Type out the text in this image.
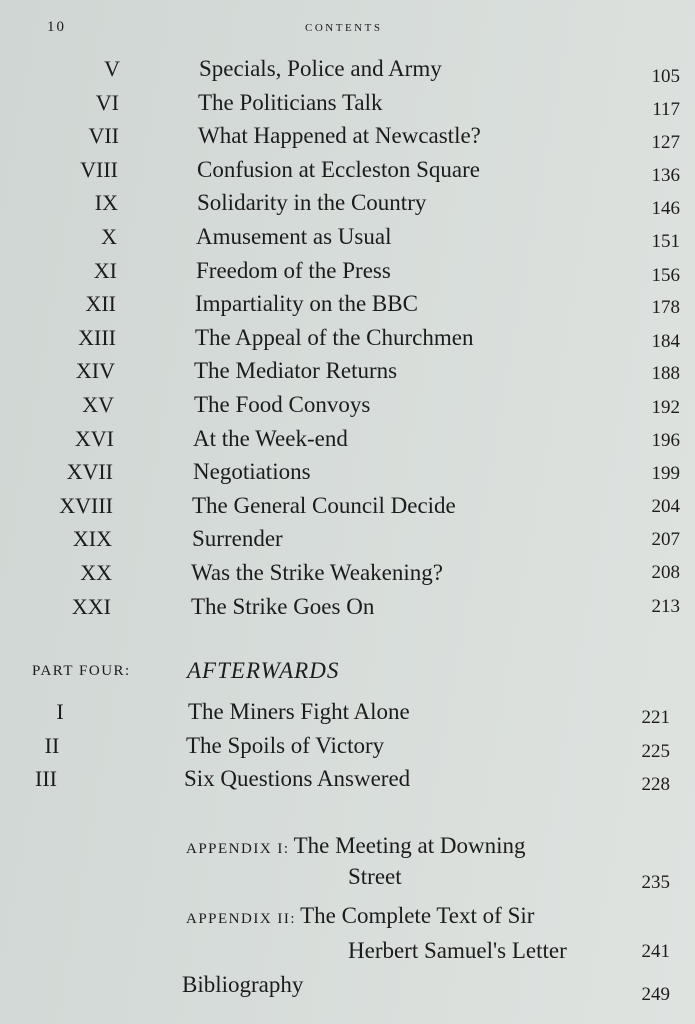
10	contents
V	Specials, Police and Army	105
VI	The Politicians Talk	117
VII	What Happened at Newcastle?	127
VIII	Confusion at Eccleston Square	136
IX	Solidarity in the Country	146
X	Amusement as Usual	151
XI	Freedom of the Press	156
XII	Impartiality on the BBC	178
XIII	The Appeal of the Churchmen	184
XIV	The Mediator Returns	188
XV	The Food Convoys	192
XVI	At the Week-end	196
XVII	Negotiations	199
XVIII	The General Council Decide	204
XIX	Surrender	207
XX	Was the Strike Weakening?	208
XXI	The Strike Goes On	213
PART FOUR: AFTERWARDS
I	The Miners Fight Alone	221
II	The Spoils of Victory	225
III	Six Questions Answered	228
APPENDIX I: The Meeting at Downing
Street	235
APPENDIX II: The Complete Text of Sir
Herbert Samuel's Letter	241
Bibliography	249
